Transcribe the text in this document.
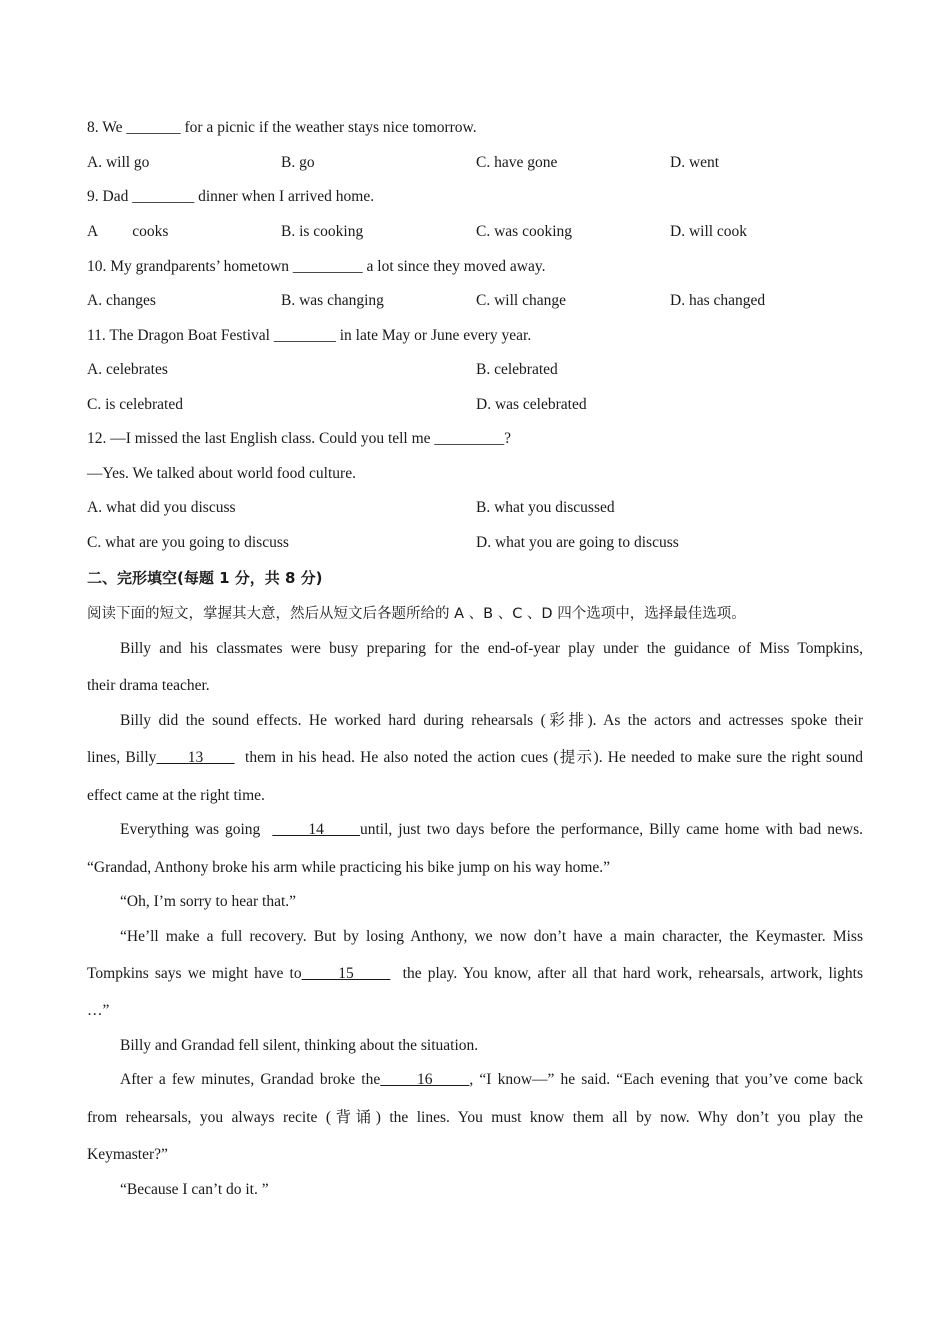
8. We _______ for a picnic if the weather stays nice tomorrow.
A. will go	B. go	C. have gone	D. went
9. Dad ________ dinner when I arrived home.
A         cooks	B. is cooking	C. was cooking	D. will cook
10. My grandparents’ hometown _________ a lot since they moved away.
A. changes	B. was changing	C. will change	D. has changed
11. The Dragon Boat Festival ________ in late May or June every year.
A. celebrates	B. celebrated
C. is celebrated	D. was celebrated
12. —I missed the last English class. Could you tell me _________?
—Yes. We talked about world food culture.
A. what did you discuss	B. what you discussed
C. what are you going to discuss	D. what you are going to discuss
二、完形填空(每题 1 分，共 8 分)
阅读下面的短文，掌握其大意，然后从短文后各题所给的 A 、B 、C 、D 四个选项中，选择最佳选项。
Billy and his classmates were busy preparing for the end-of-year play under the guidance of Miss Tompkins,
their drama teacher.
Billy did the sound effects. He worked hard during rehearsals (彩排). As the actors and actresses spoke their
lines, Billy      13        them in his head. He also noted the action cues (提示). He needed to make sure the right sound
effect came at the right time.
Everything was going        14      until, just two days before the performance, Billy came home with bad news.
“Grandad, Anthony broke his arm while practicing his bike jump on his way home.”
“Oh, I’m sorry to hear that.”
“He’ll make a full recovery. But by losing Anthony, we now don’t have a main character, the Keymaster. Miss
Tompkins says we might have to      15        the play. You know, after all that hard work, rehearsals, artwork, lights
…”
Billy and Grandad fell silent, thinking about the situation.
After a few minutes, Grandad broke the      16      , “I know—” he said. “Each evening that you’ve come back
from rehearsals, you always recite (背诵) the lines. You must know them all by now. Why don’t you play the
Keymaster?”
“Because I can’t do it. ”
